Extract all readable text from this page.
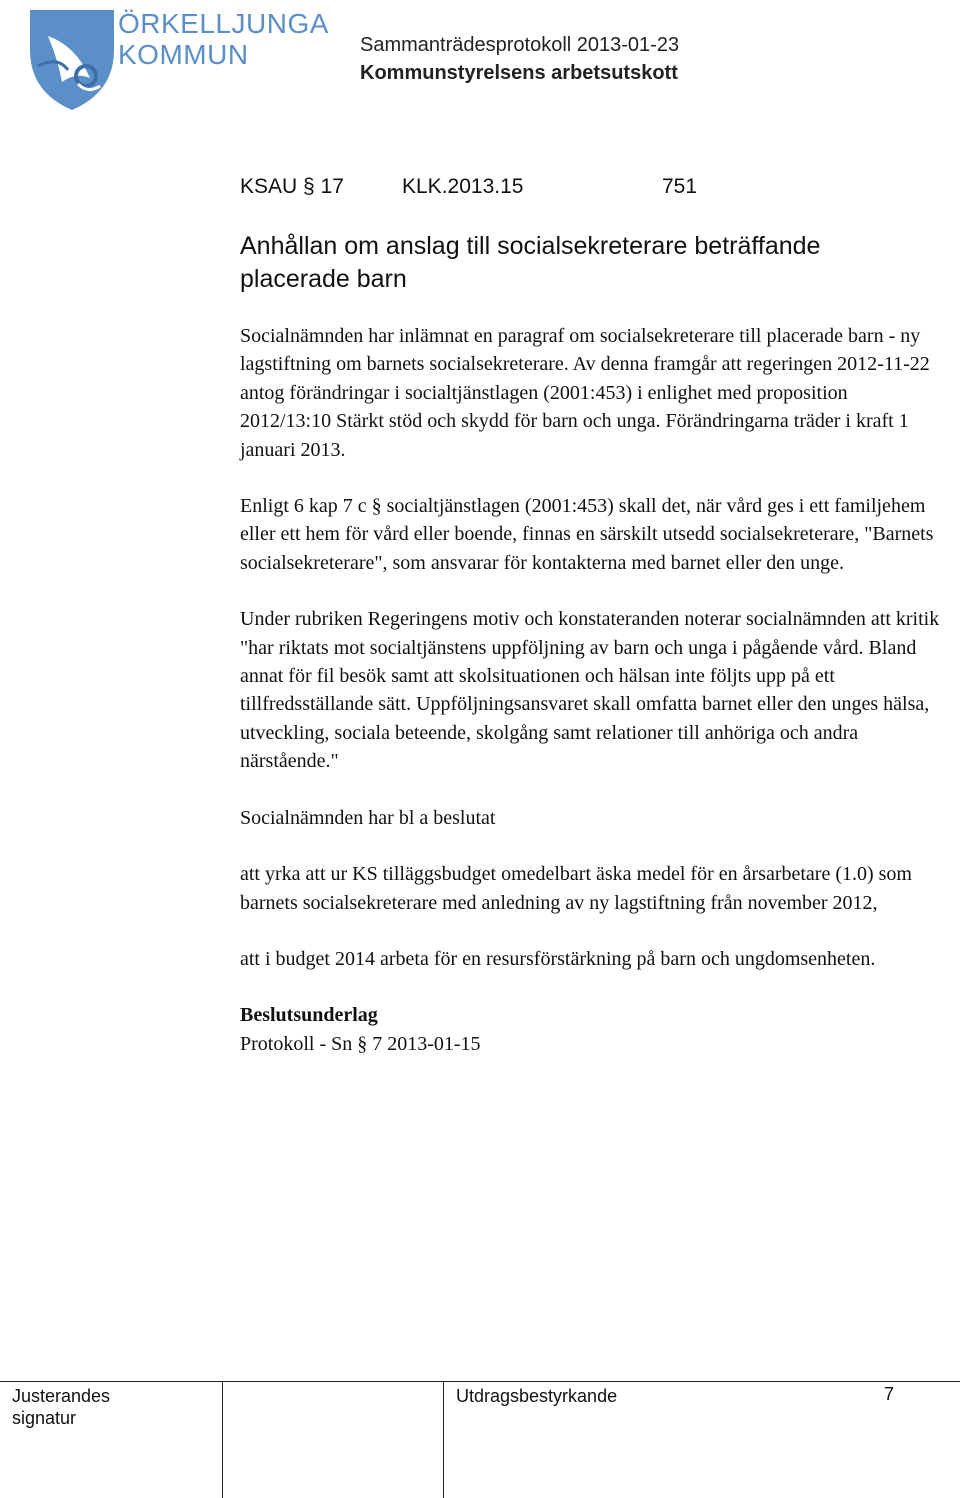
ÖRKELLJUNGA
KOMMUN	Sammanträdesprotokoll 2013-01-23
Kommunstyrelsens arbetsutskott
KSAU § 17	KLK.2013.15	751
Anhållan om anslag till socialsekreterare beträffande placerade barn

Socialnämnden har inlämnat en paragraf om socialsekreterare till placerade barn - ny lagstiftning om barnets socialsekreterare. Av denna framgår att regeringen 2012-11-22 antog förändringar i socialtjänstlagen (2001:453) i enlighet med proposition 2012/13:10 Stärkt stöd och skydd för barn och unga. Förändringarna träder i kraft 1 januari 2013.

Enligt 6 kap 7 c § socialtjänstlagen (2001:453) skall det, när vård ges i ett familjehem eller ett hem för vård eller boende, finnas en särskilt utsedd socialsekreterare, "Barnets socialsekreterare", som ansvarar för kontakterna med barnet eller den unge.

Under rubriken Regeringens motiv och konstateranden noterar socialnämnden att kritik "har riktats mot socialtjänstens uppföljning av barn och unga i pågående vård. Bland annat för fil besök samt att skolsituationen och hälsan inte följts upp på ett tillfredsställande sätt. Uppföljningsansvaret skall omfatta barnet eller den unges hälsa, utveckling, sociala beteende, skolgång samt relationer till anhöriga och andra närstående."

Socialnämnden har bl a beslutat

att yrka att ur KS tilläggsbudget omedelbart äska medel för en årsarbetare (1.0) som barnets socialsekreterare med anledning av ny lagstiftning från november 2012,

att i budget 2014 arbeta för en resursförstärkning på barn och ungdomsenheten.

Beslutsunderlag

Protokoll - Sn § 7 2013-01-15

Justerandes signatur
Utdragsbestyrkande	7
